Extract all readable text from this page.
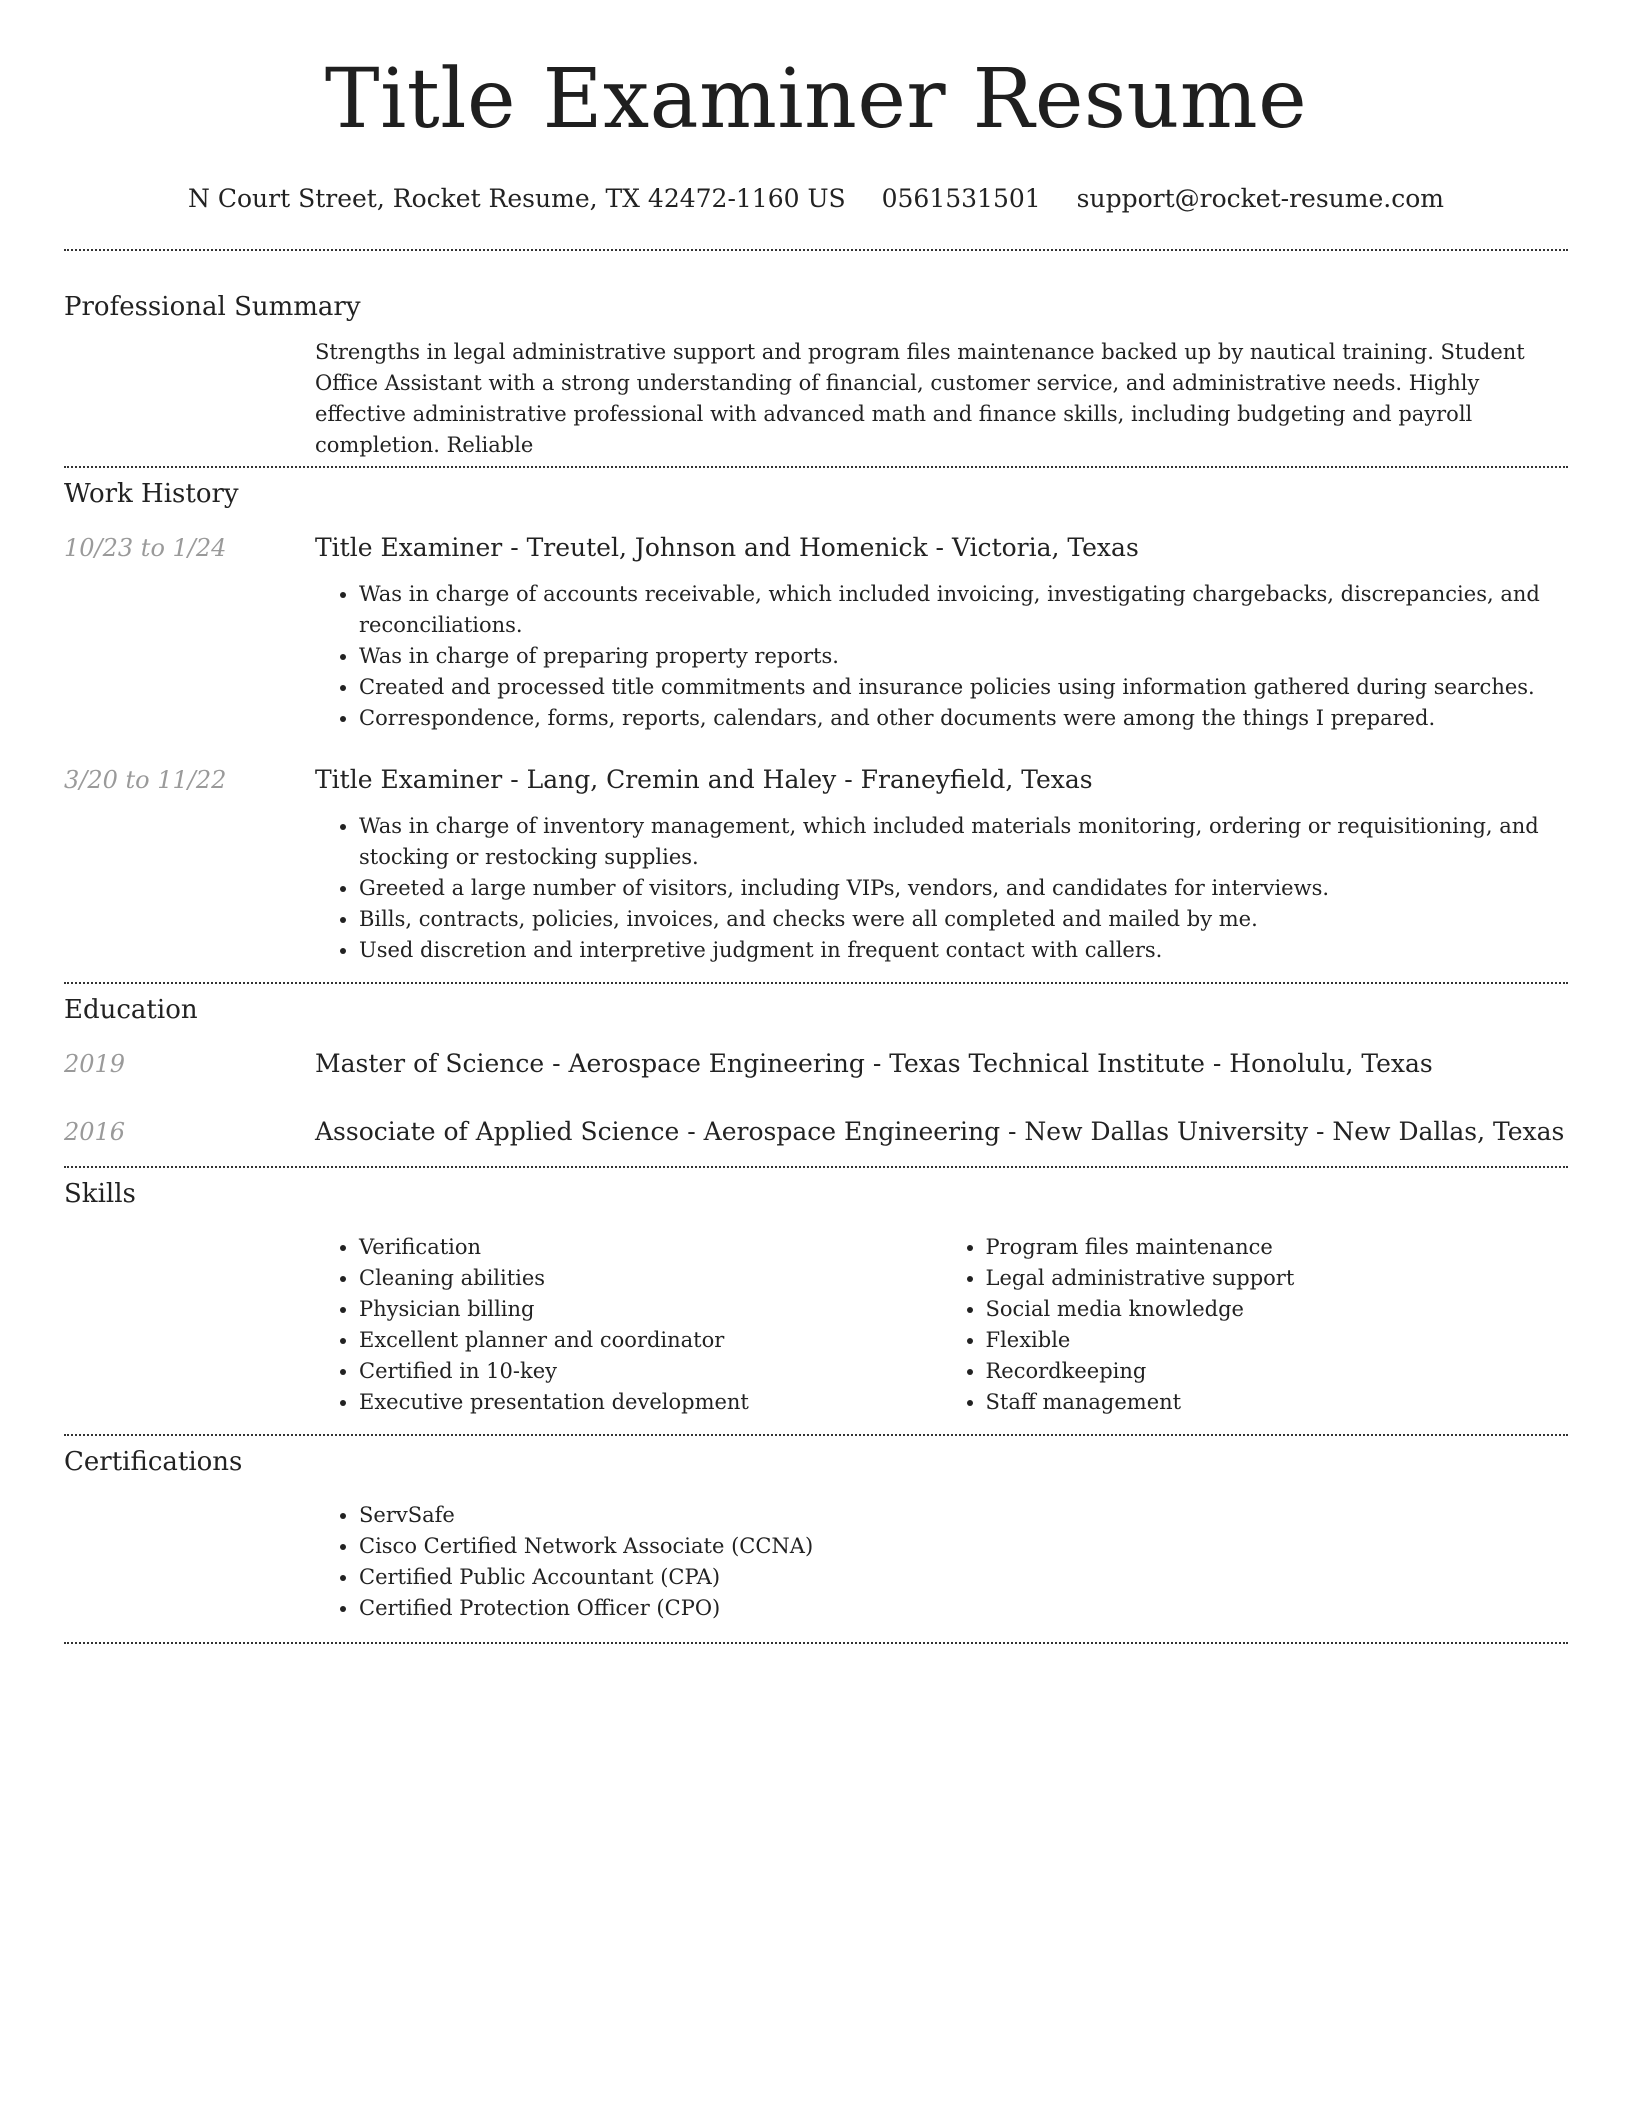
Title Examiner Resume
N Court Street, Rocket Resume, TX 42472-1160 US 0561531501 support@rocket-resume.com
Professional Summary

Strengths in legal administrative support and program files maintenance backed up by nautical training. Student Office Assistant with a strong understanding of financial, customer service, and administrative needs. Highly effective administrative professional with advanced math and finance skills, including budgeting and payroll completion. Reliable

Work History
10/23 to 1/24	Title Examiner - Treutel, Johnson and Homenick - Victoria, Texas
• Was in charge of accounts receivable, which included invoicing, investigating chargebacks, discrepancies, and reconciliations.
• Was in charge of preparing property reports.
• Created and processed title commitments and insurance policies using information gathered during searches.
• Correspondence, forms, reports, calendars, and other documents were among the things I prepared.
3/20 to 11/22	Title Examiner - Lang, Cremin and Haley - Franeyfield, Texas
• Was in charge of inventory management, which included materials monitoring, ordering or requisitioning, and stocking or restocking supplies.
• Greeted a large number of visitors, including VIPs, vendors, and candidates for interviews.
• Bills, contracts, policies, invoices, and checks were all completed and mailed by me.
• Used discretion and interpretive judgment in frequent contact with callers.
Education
2019	Master of Science - Aerospace Engineering - Texas Technical Institute - Honolulu, Texas
2016	Associate of Applied Science - Aerospace Engineering - New Dallas University - New Dallas, Texas
Skills
• Verification
• Cleaning abilities
• Physician billing
• Excellent planner and coordinator
• Certified in 10-key
• Executive presentation development
• Program files maintenance
• Legal administrative support
• Social media knowledge
• Flexible
• Recordkeeping
• Staff management
Certifications
• ServSafe
• Cisco Certified Network Associate (CCNA)
• Certified Public Accountant (CPA)
• Certified Protection Officer (CPO)
